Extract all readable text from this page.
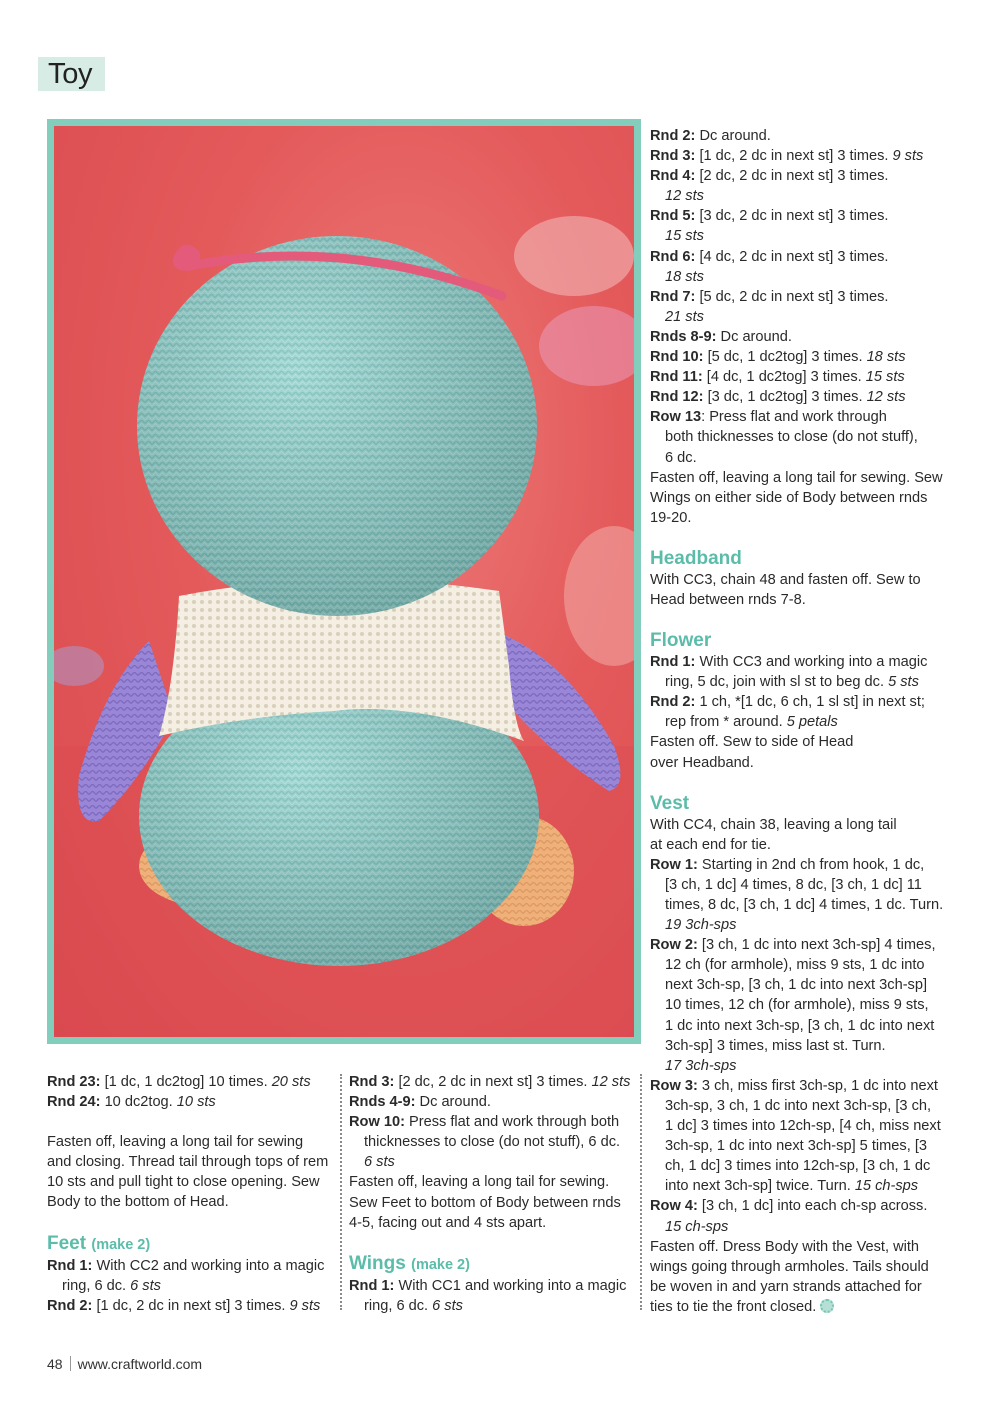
Toy

Rnd 2: Dc around.

Rnd 3: [1 dc, 2 dc in next st] 3 times. 9 sts

Rnd 4: [2 dc, 2 dc in next st] 3 times.

12 sts

Rnd 5: [3 dc, 2 dc in next st] 3 times.

15 sts

Rnd 6: [4 dc, 2 dc in next st] 3 times.

18 sts

Rnd 7: [5 dc, 2 dc in next st] 3 times.

21 sts

Rnds 8-9: Dc around.

Rnd 10: [5 dc, 1 dc2tog] 3 times. 18 sts

Rnd 11: [4 dc, 1 dc2tog] 3 times. 15 sts

Rnd 12: [3 dc, 1 dc2tog] 3 times. 12 sts

Row 13: Press flat and work through

both thicknesses to close (do not stuff),

6 dc.

Fasten off, leaving a long tail for sewing. Sew

Wings on either side of Body between rnds

19-20.

Headband

With CC3, chain 48 and fasten off. Sew to

Head between rnds 7-8.

Flower

Rnd 1: With CC3 and working into a magic

ring, 5 dc, join with sl st to beg dc. 5 sts

Rnd 2: 1 ch, *[1 dc, 6 ch, 1 sl st] in next st;

rep from * around. 5 petals

Fasten off. Sew to side of Head

over Headband.

Vest

With CC4, chain 38, leaving a long tail

at each end for tie.

Row 1: Starting in 2nd ch from hook, 1 dc,

[3 ch, 1 dc] 4 times, 8 dc, [3 ch, 1 dc] 11

times, 8 dc, [3 ch, 1 dc] 4 times, 1 dc. Turn.

19 3ch-sps

Row 2: [3 ch, 1 dc into next 3ch-sp] 4 times,

12 ch (for armhole), miss 9 sts, 1 dc into

next 3ch-sp, [3 ch, 1 dc into next 3ch-sp]

10 times, 12 ch (for armhole), miss 9 sts,

1 dc into next 3ch-sp, [3 ch, 1 dc into next

3ch-sp] 3 times, miss last st. Turn.

17 3ch-sps

Row 3: 3 ch, miss first 3ch-sp, 1 dc into next

3ch-sp, 3 ch, 1 dc into next 3ch-sp, [3 ch,

1 dc] 3 times into 12ch-sp, [4 ch, miss next

3ch-sp, 1 dc into next 3ch-sp] 5 times, [3

ch, 1 dc] 3 times into 12ch-sp, [3 ch, 1 dc

into next 3ch-sp] twice. Turn. 15 ch-sps

Row 4: [3 ch, 1 dc] into each ch-sp across.

15 ch-sps

Fasten off. Dress Body with the Vest, with

wings going through armholes. Tails should

be woven in and yarn strands attached for

ties to tie the front closed.

Rnd 23: [1 dc, 1 dc2tog] 10 times. 20 sts

Rnd 24: 10 dc2tog. 10 sts

Fasten off, leaving a long tail for sewing

and closing. Thread tail through tops of rem

10 sts and pull tight to close opening. Sew

Body to the bottom of Head.

Feet (make 2)

Rnd 1: With CC2 and working into a magic

ring, 6 dc. 6 sts

Rnd 2: [1 dc, 2 dc in next st] 3 times. 9 sts

Rnd 3: [2 dc, 2 dc in next st] 3 times. 12 sts

Rnds 4-9: Dc around.

Row 10: Press flat and work through both

thicknesses to close (do not stuff), 6 dc.

6 sts

Fasten off, leaving a long tail for sewing.

Sew Feet to bottom of Body between rnds

4-5, facing out and 4 sts apart.

Wings (make 2)

Rnd 1: With CC1 and working into a magic

ring, 6 dc. 6 sts

48 www.craftworld.com
